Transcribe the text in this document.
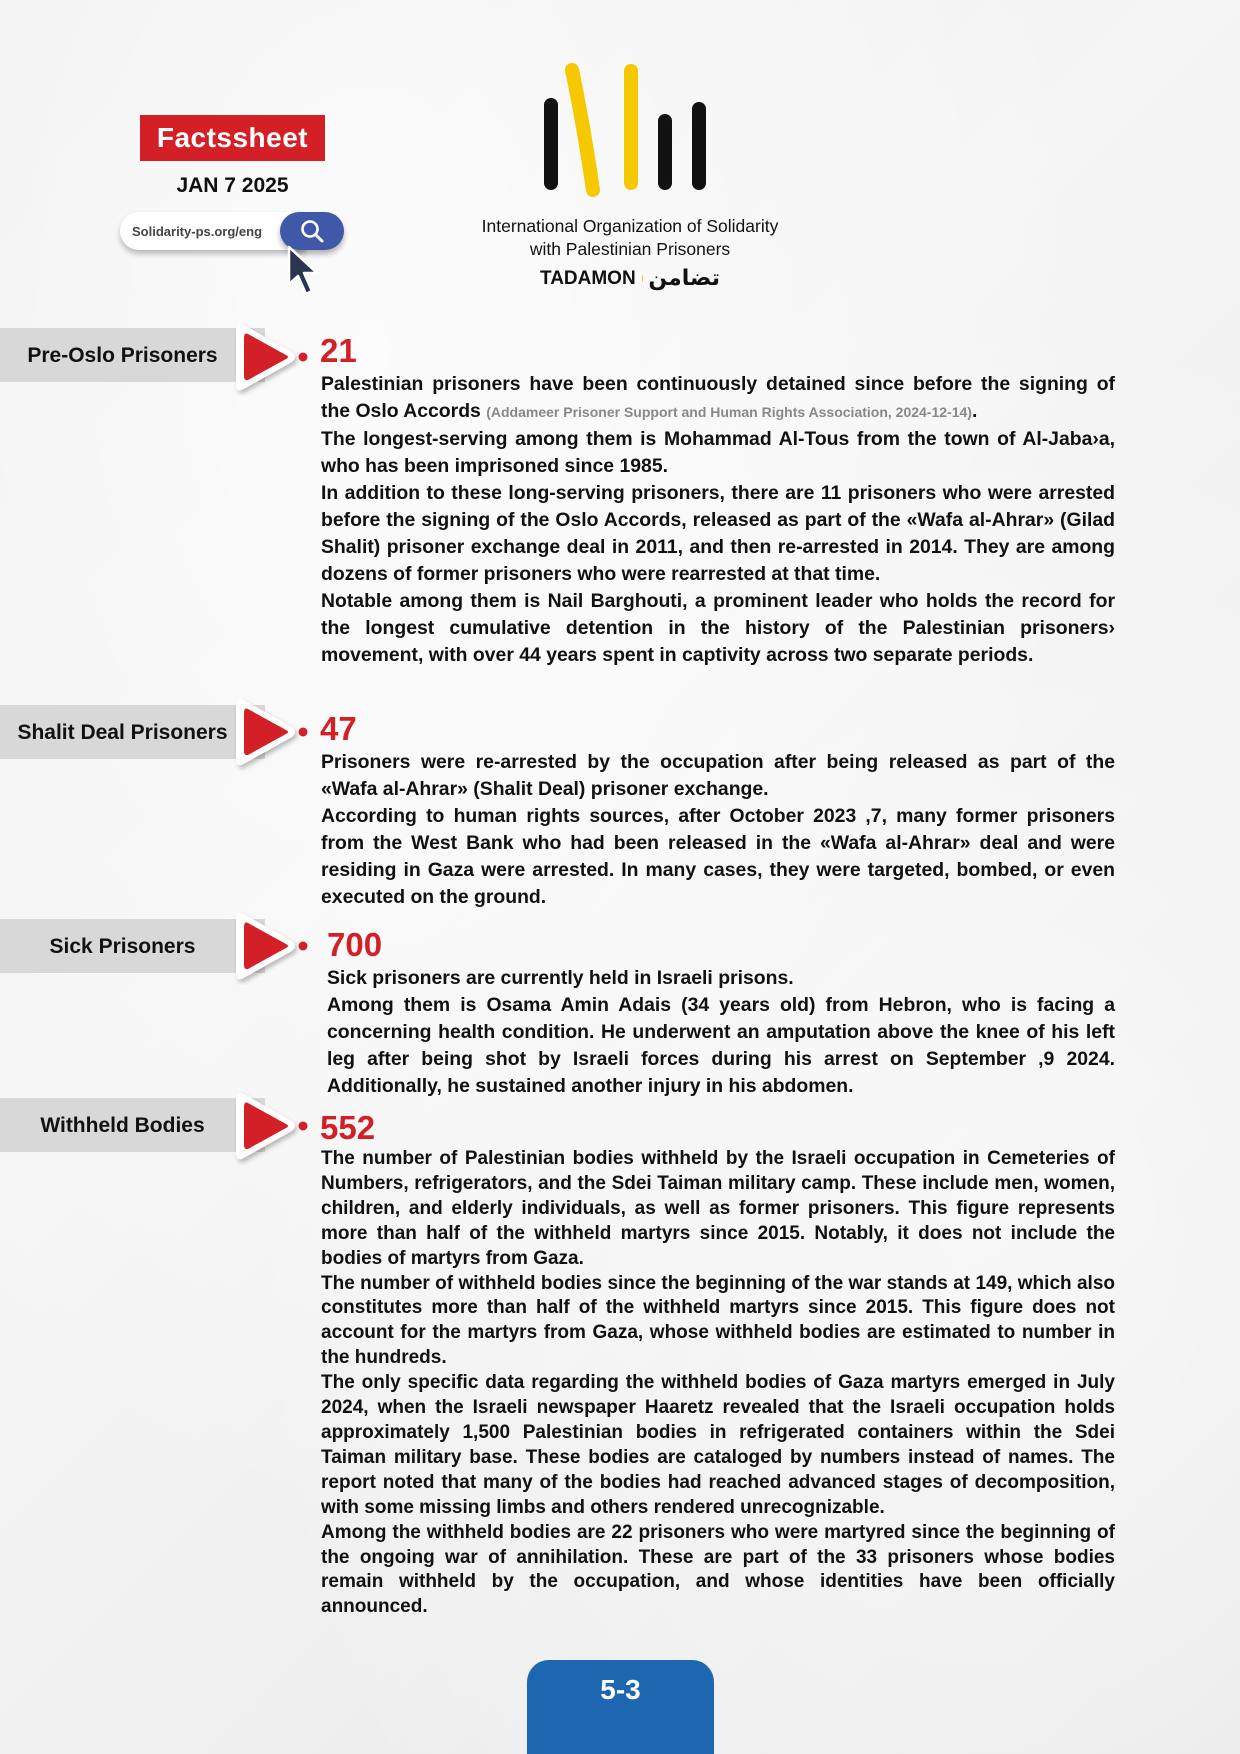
Factssheet
JAN 7 2025
Solidarity-ps.org/eng	International Organization of Solidarity
with Palestinian Prisoners
TADAMON تضامن
Pre-Oslo Prisoners	21

Palestinian prisoners have been continuously detained since before the signing of the Oslo Accords (Addameer Prisoner Support and Human Rights Association, 2024-12-14).

The longest-serving among them is Mohammad Al-Tous from the town of Al-Jaba›a, who has been imprisoned since 1985.

In addition to these long-serving prisoners, there are 11 prisoners who were arrested before the signing of the Oslo Accords, released as part of the «Wafa al-Ahrar» (Gilad Shalit) prisoner exchange deal in 2011, and then re-arrested in 2014. They are among dozens of former prisoners who were rearrested at that time.

Notable among them is Nail Barghouti, a prominent leader who holds the record for the longest cumulative detention in the history of the Palestinian prisoners› movement, with over 44 years spent in captivity across two separate periods.

Shalit Deal Prisoners	47

Prisoners were re-arrested by the occupation after being released as part of the «Wafa al-Ahrar» (Shalit Deal) prisoner exchange.

According to human rights sources, after October 2023 ,7, many former prisoners from the West Bank who had been released in the «Wafa al-Ahrar» deal and were residing in Gaza were arrested. In many cases, they were targeted, bombed, or even executed on the ground.

Sick Prisoners	700

Sick prisoners are currently held in Israeli prisons.

Among them is Osama Amin Adais (34 years old) from Hebron, who is facing a concerning health condition. He underwent an amputation above the knee of his left leg after being shot by Israeli forces during his arrest on September ,9 2024. Additionally, he sustained another injury in his abdomen.

Withheld Bodies	552

The number of Palestinian bodies withheld by the Israeli occupation in Cemeteries of Numbers, refrigerators, and the Sdei Taiman military camp. These include men, women, children, and elderly individuals, as well as former prisoners. This figure represents more than half of the withheld martyrs since 2015. Notably, it does not include the bodies of martyrs from Gaza.

The number of withheld bodies since the beginning of the war stands at 149, which also constitutes more than half of the withheld martyrs since 2015. This figure does not account for the martyrs from Gaza, whose withheld bodies are estimated to number in the hundreds.

The only specific data regarding the withheld bodies of Gaza martyrs emerged in July 2024, when the Israeli newspaper Haaretz revealed that the Israeli occupation holds approximately 1,500 Palestinian bodies in refrigerated containers within the Sdei Taiman military base. These bodies are cataloged by numbers instead of names. The report noted that many of the bodies had reached advanced stages of decomposition, with some missing limbs and others rendered unrecognizable.

Among the withheld bodies are 22 prisoners who were martyred since the beginning of the ongoing war of annihilation. These are part of the 33 prisoners whose bodies remain withheld by the occupation, and whose identities have been officially announced.

5-3
